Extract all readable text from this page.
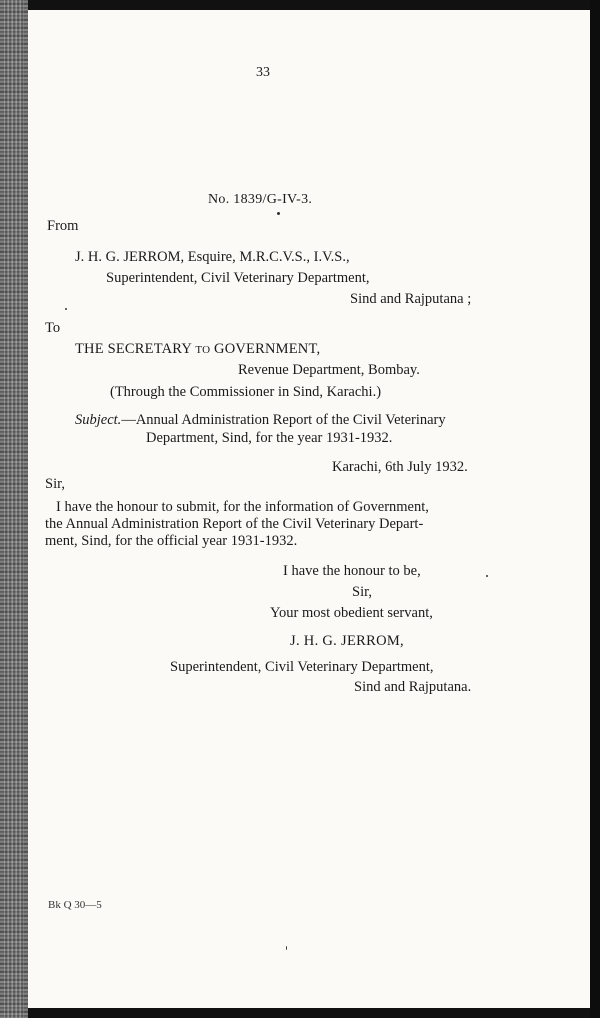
33
No. 1839/G-IV-3.
From
J. H. G. JERROM, Esquire, M.R.C.V.S., I.V.S.,
Superintendent, Civil Veterinary Department,
Sind and Rajputana ;
To
THE SECRETARY TO GOVERNMENT,
Revenue Department, Bombay.
(Through the Commissioner in Sind, Karachi.)
Subject.—Annual Administration Report of the Civil Veterinary
Department, Sind, for the year 1931-1932.
Karachi, 6th July 1932.
Sir,
I have the honour to submit, for the information of Government,
the Annual Administration Report of the Civil Veterinary Depart-
ment, Sind, for the official year 1931-1932.
I have the honour to be,
Sir,
Your most obedient servant,
J. H. G. JERROM,
Superintendent, Civil Veterinary Department,
Sind and Rajputana.
Bk Q 30—5
